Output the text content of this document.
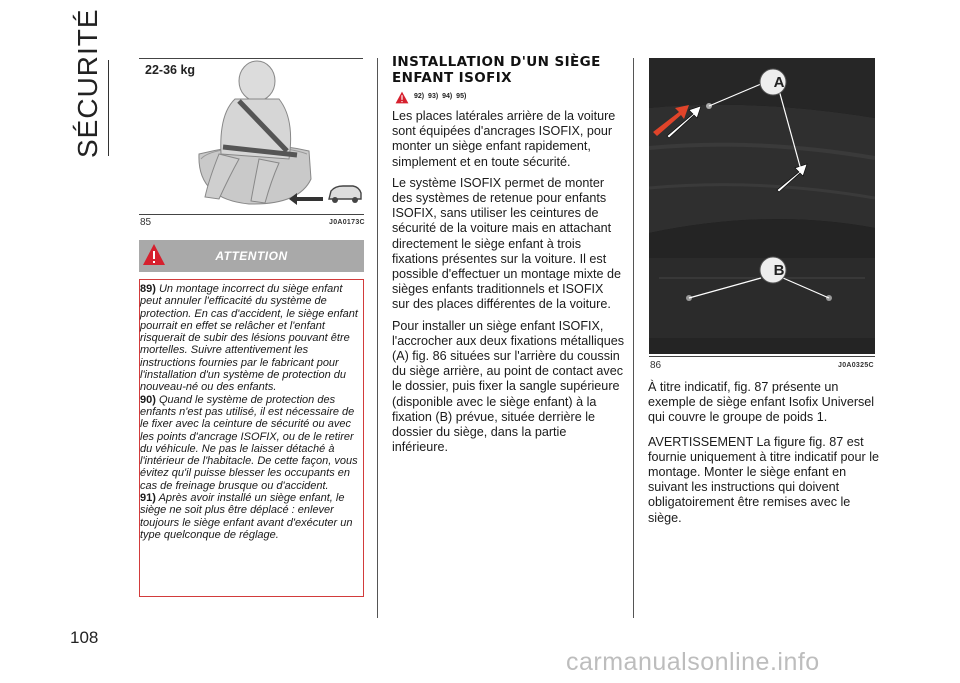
SÉCURITÉ
108
22-36 kg
85	J0A0173C
ATTENTION

89) Un montage incorrect du siège enfant peut annuler l'efficacité du système de protection. En cas d'accident, le siège enfant pourrait en effet se relâcher et l'enfant risquerait de subir des lésions pouvant être mortelles. Suivre attentivement les instructions fournies par le fabricant pour l'installation d'un système de protection du nouveau-né ou des enfants.

90) Quand le système de protection des enfants n'est pas utilisé, il est nécessaire de le fixer avec la ceinture de sécurité ou avec les points d'ancrage ISOFIX, ou de le retirer du véhicule. Ne pas le laisser détaché à l'intérieur de l'habitacle. De cette façon, vous évitez qu'il puisse blesser les occupants en cas de freinage brusque ou d'accident.

91) Après avoir installé un siège enfant, le siège ne soit plus être déplacé : enlever toujours le siège enfant avant d'exécuter un type quelconque de réglage.

INSTALLATION D'UN SIÈGE
ENFANT ISOFIX
92) 93) 94) 95)

Les places latérales arrière de la voiture sont équipées d'ancrages ISOFIX, pour monter un siège enfant rapidement, simplement et en toute sécurité.

Le système ISOFIX permet de monter des systèmes de retenue pour enfants ISOFIX, sans utiliser les ceintures de sécurité de la voiture mais en attachant directement le siège enfant à trois fixations présentes sur la voiture. Il est possible d'effectuer un montage mixte de sièges enfants traditionnels et ISOFIX sur des places différentes de la voiture.

Pour installer un siège enfant ISOFIX, l'accrocher aux deux fixations métalliques (A) fig. 86 situées sur l'arrière du coussin du siège arrière, au point de contact avec le dossier, puis fixer la sangle supérieure (disponible avec le siège enfant) à la fixation (B) prévue, située derrière le dossier du siège, dans la partie inférieure.

A
B
86	J0A0325C

À titre indicatif, fig. 87 présente un exemple de siège enfant Isofix Universel qui couvre le groupe de poids 1.

AVERTISSEMENT La figure fig. 87 est fournie uniquement à titre indicatif pour le montage. Monter le siège enfant en suivant les instructions qui doivent obligatoirement être remises avec le siège.

carmanualsonline.info
